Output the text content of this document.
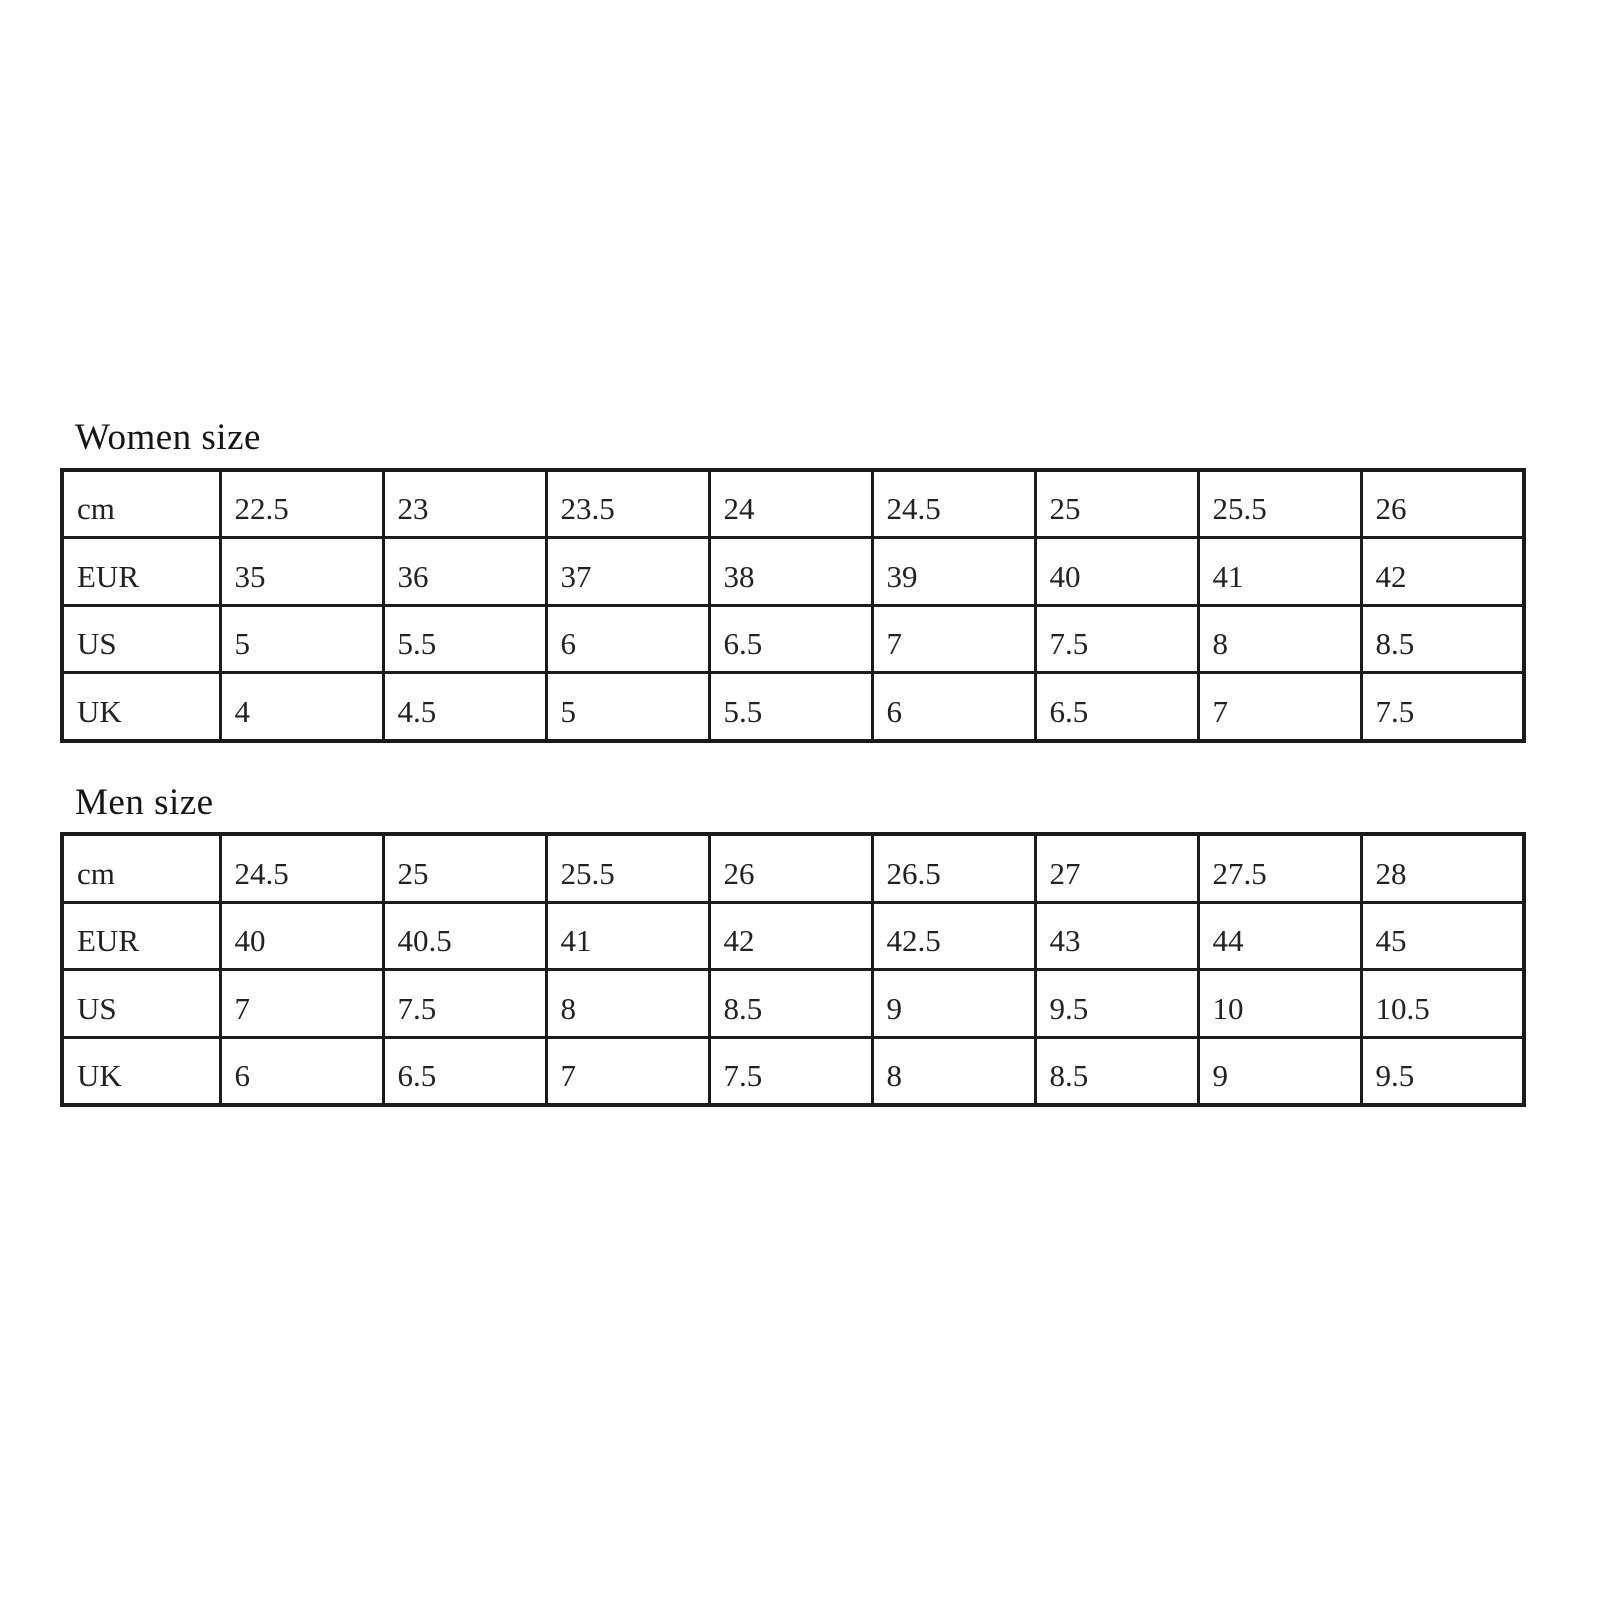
Women size
cm	22.5	23	23.5	24	24.5	25	25.5	26
EUR	35	36	37	38	39	40	41	42
US	5	5.5	6	6.5	7	7.5	8	8.5
UK	4	4.5	5	5.5	6	6.5	7	7.5
Men size
cm	24.5	25	25.5	26	26.5	27	27.5	28
EUR	40	40.5	41	42	42.5	43	44	45
US	7	7.5	8	8.5	9	9.5	10	10.5
UK	6	6.5	7	7.5	8	8.5	9	9.5
